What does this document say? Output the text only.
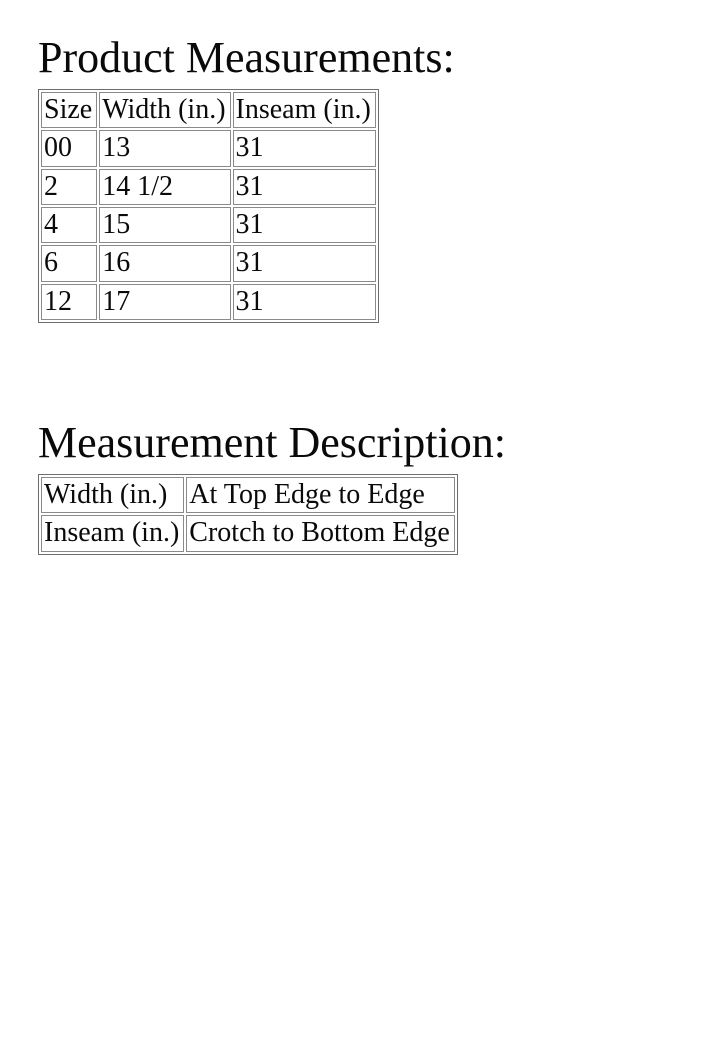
Product Measurements:
Size	Width (in.)	Inseam (in.)
00	13	31
2	14 1/2	31
4	15	31
6	16	31
12	17	31
Measurement Description:
Width (in.)	At Top Edge to Edge
Inseam (in.)	Crotch to Bottom Edge
